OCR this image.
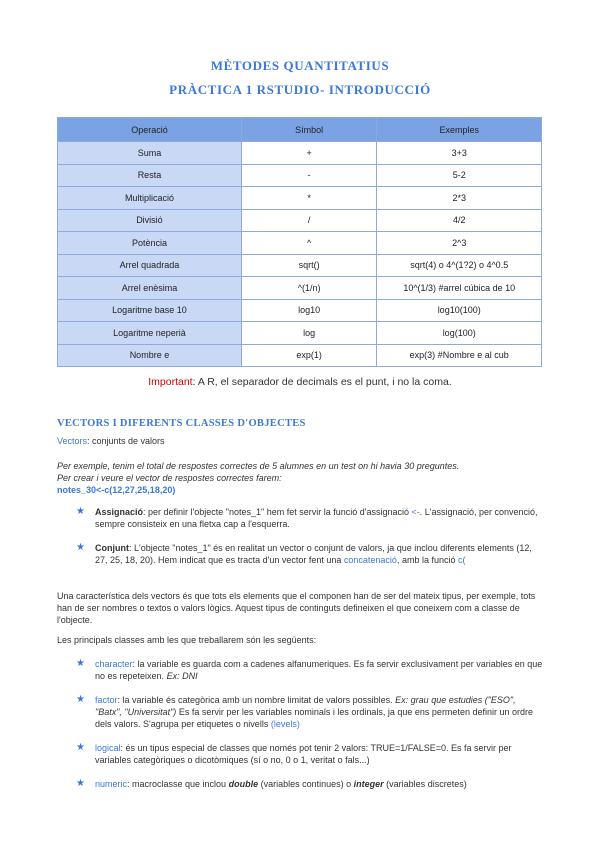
MÈTODES QUANTITATIUS
PRÀCTICA 1 RSTUDIO- INTRODUCCIÓ
Operació	Símbol	Exemples
Suma	+	3+3
Resta	-	5-2
Multiplicació	*	2*3
Divisió	/	4/2
Potència	^	2^3
Arrel quadrada	sqrt()	sqrt(4) o 4^(1?2) o 4^0.5
Arrel enèsima	^(1/n)	10^(1/3) #arrel cúbica de 10
Logaritme base 10	log10	log10(100)
Logaritme neperià	log	log(100)
Nombre e	exp(1)	exp(3) #Nombre e al cub
Important: A R, el separador de decimals es el punt, i no la coma.
VECTORS I DIFERENTS CLASSES D'OBJECTES
Vectors: conjunts de valors
Per exemple, tenim el total de respostes correctes de 5 alumnes en un test on hi havia 30 preguntes.
Per crear i veure el vector de respostes correctes farem:
notes_30<-c(12,27,25,18,20)
★	Assignació: per definir l'objecte "notes_1" hem fet servir la funció d'assignació <-. L'assignació, per convenció, sempre consisteix en una fletxa cap a l'esquerra.
★	Conjunt: L'objecte "notes_1" és en realitat un vector o conjunt de valors, ja que inclou diferents elements (12, 27, 25, 18, 20). Hem indicat que es tracta d'un vector fent una concatenació, amb la funció c(
Una característica dels vectors és que tots els elements que el componen han de ser del mateix tipus, per exemple, tots han de ser nombres o textos o valors lògics. Aquest tipus de continguts defineixen el que coneixem com a classe de l'objecte.
Les principals classes amb les que treballarem són les següents:
★	character: la variable es guarda com a cadenes alfanumeriques. Es fa servir exclusivament per variables en que no es repeteixen. Ex: DNI
★	factor: la variable és categòrica amb un nombre limitat de valors possibles. Ex: grau que estudies ("ESO", "Batx", "Universitat") Es fa servir per les variables nominals i les ordinals, ja que ens permeten definir un ordre dels valors. S'agrupa per etiquetes o nivells (levels)
★	logical: és un tipus especial de classes que només pot tenir 2 valors: TRUE=1/FALSE=0. Es fa servir per variables categòriques o dicotòmiques (sí o no, 0 o 1, veritat o fals...)
★	numeric: macroclasse que inclou double (variables continues) o integer (variables discretes)
